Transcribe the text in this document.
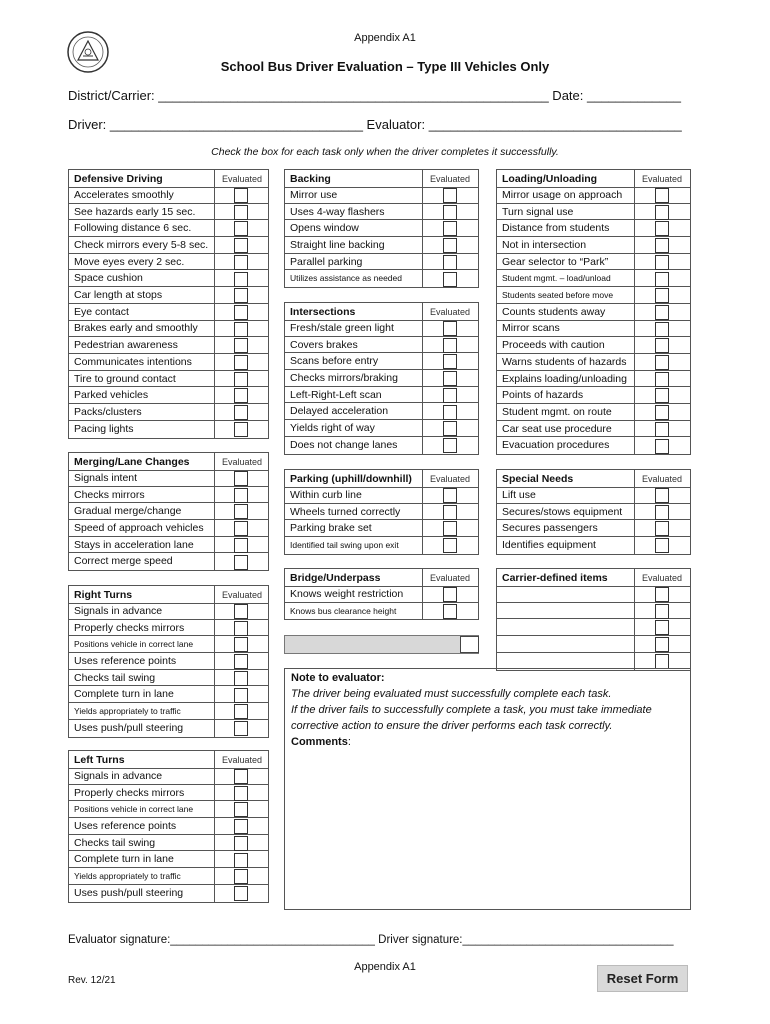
Appendix A1
School Bus Driver Evaluation – Type III Vehicles Only
District/Carrier: ______________________________________________________ Date: _____________
Driver: ___________________________________ Evaluator: ___________________________________
Check the box for each task only when the driver completes it successfully.
Defensive Driving	Evaluated
Accelerates smoothly
See hazards early 15 sec.
Following distance 6 sec.
Check mirrors every 5-8 sec.
Move eyes every 2 sec.
Space cushion
Car length at stops
Eye contact
Brakes early and smoothly
Pedestrian awareness
Communicates intentions
Tire to ground contact
Parked vehicles
Packs/clusters
Pacing lights
Merging/Lane Changes	Evaluated
Signals intent
Checks mirrors
Gradual merge/change
Speed of approach vehicles
Stays in acceleration lane
Correct merge speed
Right Turns	Evaluated
Signals in advance
Properly checks mirrors
Positions vehicle in correct lane
Uses reference points
Checks tail swing
Complete turn in lane
Yields appropriately to traffic
Uses push/pull steering
Left Turns	Evaluated
Signals in advance
Properly checks mirrors
Positions vehicle in correct lane
Uses reference points
Checks tail swing
Complete turn in lane
Yields appropriately to traffic
Uses push/pull steering
Backing	Evaluated
Mirror use
Uses 4-way flashers
Opens window
Straight line backing
Parallel parking
Utilizes assistance as needed
Intersections	Evaluated
Fresh/stale green light
Covers brakes
Scans before entry
Checks mirrors/braking
Left-Right-Left scan
Delayed acceleration
Yields right of way
Does not change lanes
Parking (uphill/downhill) Evaluated
Within curb line
Wheels turned correctly
Parking brake set
Identified tail swing upon exit
Bridge/Underpass	Evaluated
Knows weight restriction
Knows bus clearance height
Loading/Unloading	Evaluated
Mirror usage on approach
Turn signal use
Distance from students
Not in intersection
Gear selector to “Park”
Student mgmt. – load/unload
Students seated before move
Counts students away
Mirror scans
Proceeds with caution
Warns students of hazards
Explains loading/unloading
Points of hazards
Student mgmt. on route
Car seat use procedure
Evacuation procedures
Special Needs	Evaluated
Lift use
Secures/stows equipment
Secures passengers
Identifies equipment
Carrier-defined items	Evaluated
Note to evaluator:
The driver being evaluated must successfully complete each task.
If the driver fails to successfully complete a task, you must take immediate
corrective action to ensure the driver performs each task correctly.
Comments:
Evaluator signature:________________________________ Driver signature:_________________________________
Appendix A1
Rev. 12/21	Reset Form
